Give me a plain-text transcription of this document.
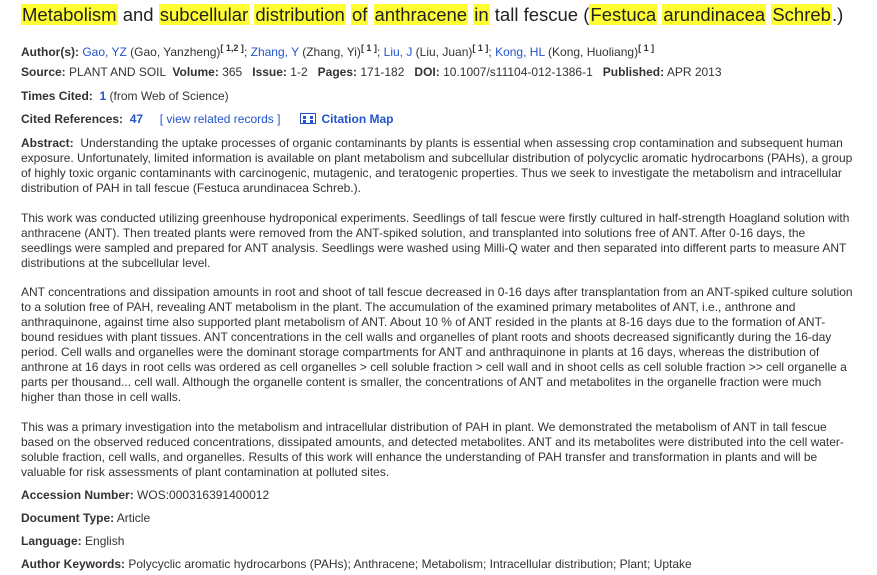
Metabolism and subcellular distribution of anthracene in tall fescue (Festuca arundinacea Schreb.)
Author(s): Gao, YZ (Gao, Yanzheng)[ 1,2 ]; Zhang, Y (Zhang, Yi)[ 1 ]; Liu, J (Liu, Juan)[ 1 ]; Kong, HL (Kong, Huoliang)[ 1 ]
Source: PLANT AND SOIL Volume: 365 Issue: 1-2 Pages: 171-182 DOI: 10.1007/s11104-012-1386-1 Published: APR 2013
Times Cited: 1 (from Web of Science)
Cited References: 47 [ view related records ]	Citation Map

Abstract: Understanding the uptake processes of organic contaminants by plants is essential when assessing crop contamination and subsequent human exposure. Unfortunately, limited information is available on plant metabolism and subcellular distribution of polycyclic aromatic hydrocarbons (PAHs), a group of highly toxic organic contaminants with carcinogenic, mutagenic, and teratogenic properties. Thus we seek to investigate the metabolism and intracellular distribution of PAH in tall fescue (Festuca arundinacea Schreb.).

This work was conducted utilizing greenhouse hydroponical experiments. Seedlings of tall fescue were firstly cultured in half-strength Hoagland solution with anthracene (ANT). Then treated plants were removed from the ANT-spiked solution, and transplanted into solutions free of ANT. After 0-16 days, the seedlings were sampled and prepared for ANT analysis. Seedlings were washed using Milli-Q water and then separated into different parts to measure ANT distributions at the subcellular level.

ANT concentrations and dissipation amounts in root and shoot of tall fescue decreased in 0-16 days after transplantation from an ANT-spiked culture solution to a solution free of PAH, revealing ANT metabolism in the plant. The accumulation of the examined primary metabolites of ANT, i.e., anthrone and anthraquinone, against time also supported plant metabolism of ANT. About 10 % of ANT resided in the plants at 8-16 days due to the formation of ANT-bound residues with plant tissues. ANT concentrations in the cell walls and organelles of plant roots and shoots decreased significantly during the 16-day period. Cell walls and organelles were the dominant storage compartments for ANT and anthraquinone in plants at 16 days, whereas the distribution of anthrone at 16 days in root cells was ordered as cell organelles > cell soluble fraction > cell wall and in shoot cells as cell soluble fraction >> cell organelle a parts per thousand... cell wall. Although the organelle content is smaller, the concentrations of ANT and metabolites in the organelle fraction were much higher than those in cell walls.

This was a primary investigation into the metabolism and intracellular distribution of PAH in plant. We demonstrated the metabolism of ANT in tall fescue based on the observed reduced concentrations, dissipated amounts, and detected metabolites. ANT and its metabolites were distributed into the cell water-soluble fraction, cell walls, and organelles. Results of this work will enhance the understanding of PAH transfer and transformation in plants and will be valuable for risk assessments of plant contamination at polluted sites.

Accession Number: WOS:000316391400012
Document Type: Article
Language: English
Author Keywords: Polycyclic aromatic hydrocarbons (PAHs); Anthracene; Metabolism; Intracellular distribution; Plant; Uptake
